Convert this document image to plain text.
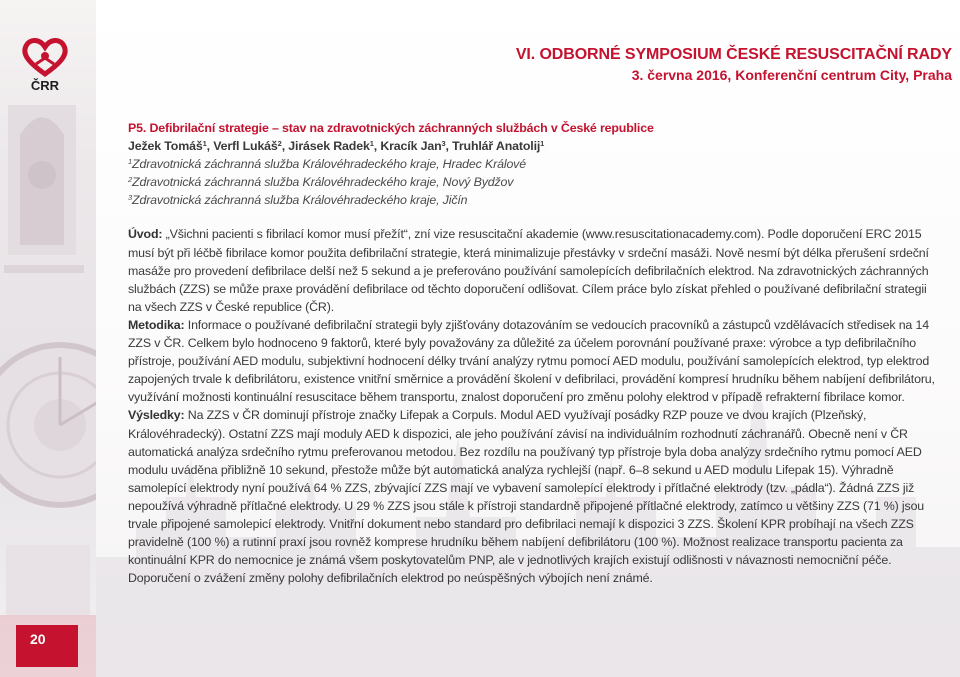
ČRR
VI. ODBORNÉ SYMPOSIUM ČESKÉ RESUSCITAČNÍ RADY
3. června 2016, Konferenční centrum City, Praha
20
P5. Defibrilační strategie – stav na zdravotnických záchranných službách v České republice
Ježek Tomáš$^1$, Verfl Lukáš$^2$, Jirásek Radek$^1$, Kracík Jan$^3$, Truhlář Anatolij$^1$
$^1$Zdravotnická záchranná služba Královéhradeckého kraje, Hradec Králové
$^2$Zdravotnická záchranná služba Královéhradeckého kraje, Nový Bydžov
$^3$Zdravotnická záchranná služba Královéhradeckého kraje, Jičín

Úvod: „Všichni pacienti s fibrilací komor musí přežít“, zní vize resuscitační akademie (www.resuscitationacademy.com). Podle doporučení ERC 2015 musí být při léčbě fibrilace komor použita defibrilační strategie, která minimalizuje přestávky v srdeční masáži. Nově nesmí být délka přerušení srdeční masáže pro provedení defibrilace delší než 5 sekund a je preferováno používání samolepících defibrilačních elektrod. Na zdravotnických záchranných službách (ZZS) se může praxe provádění defibrilace od těchto doporučení odlišovat. Cílem práce bylo získat přehled o používané defibrilační strategii na všech ZZS v České republice (ČR).

Metodika: Informace o používané defibrilační strategii byly zjišťovány dotazováním se vedoucích pracovníků a zástupců vzdělávacích středisek na 14 ZZS v ČR. Celkem bylo hodnoceno 9 faktorů, které byly považovány za důležité za účelem porovnání používané praxe: výrobce a typ defibrilačního přístroje, používání AED modulu, subjektivní hodnocení délky trvání analýzy rytmu pomocí AED modulu, používání samolepících elektrod, typ elektrod zapojených trvale k defibrilátoru, existence vnitřní směrnice a provádění školení v defibrilaci, provádění kompresí hrudníku během nabíjení defibrilátoru, využívání možnosti kontinuální resuscitace během transportu, znalost doporučení pro změnu polohy elektrod v případě refrakterní fibrilace komor.

Výsledky: Na ZZS v ČR dominují přístroje značky Lifepak a Corpuls. Modul AED využívají posádky RZP pouze ve dvou krajích (Plzeňský, Královéhradecký). Ostatní ZZS mají moduly AED k dispozici, ale jeho používání závisí na individuálním rozhodnutí záchranářů. Obecně není v ČR automatická analýza srdečního rytmu preferovanou metodou. Bez rozdílu na používaný typ přístroje byla doba analýzy srdečního rytmu pomocí AED modulu uváděna přibližně 10 sekund, přestože může být automatická analýza rychlejší (např. 6–8 sekund u AED modulu Lifepak 15). Výhradně samolepící elektrody nyní používá 64 % ZZS, zbývající ZZS mají ve vybavení samolepící elektrody i přítlačné elektrody (tzv. „pádla“). Žádná ZZS již nepoužívá výhradně přítlačné elektrody. U 29 % ZZS jsou stále k přístroji standardně připojené přítlačné elektrody, zatímco u většiny ZZS (71 %) jsou trvale připojené samolepicí elektrody. Vnitřní dokument nebo standard pro defibrilaci nemají k dispozici 3 ZZS. Školení KPR probíhají na všech ZZS pravidelně (100 %) a rutinní praxí jsou rovněž komprese hrudníku během nabíjení defibrilátoru (100 %). Možnost realizace transportu pacienta za kontinuální KPR do nemocnice je známá všem poskytovatelům PNP, ale v jednotlivých krajích existují odlišnosti v návaznosti nemocniční péče. Doporučení o zvážení změny polohy defibrilačních elektrod po neúspěšných výbojích není známé.
